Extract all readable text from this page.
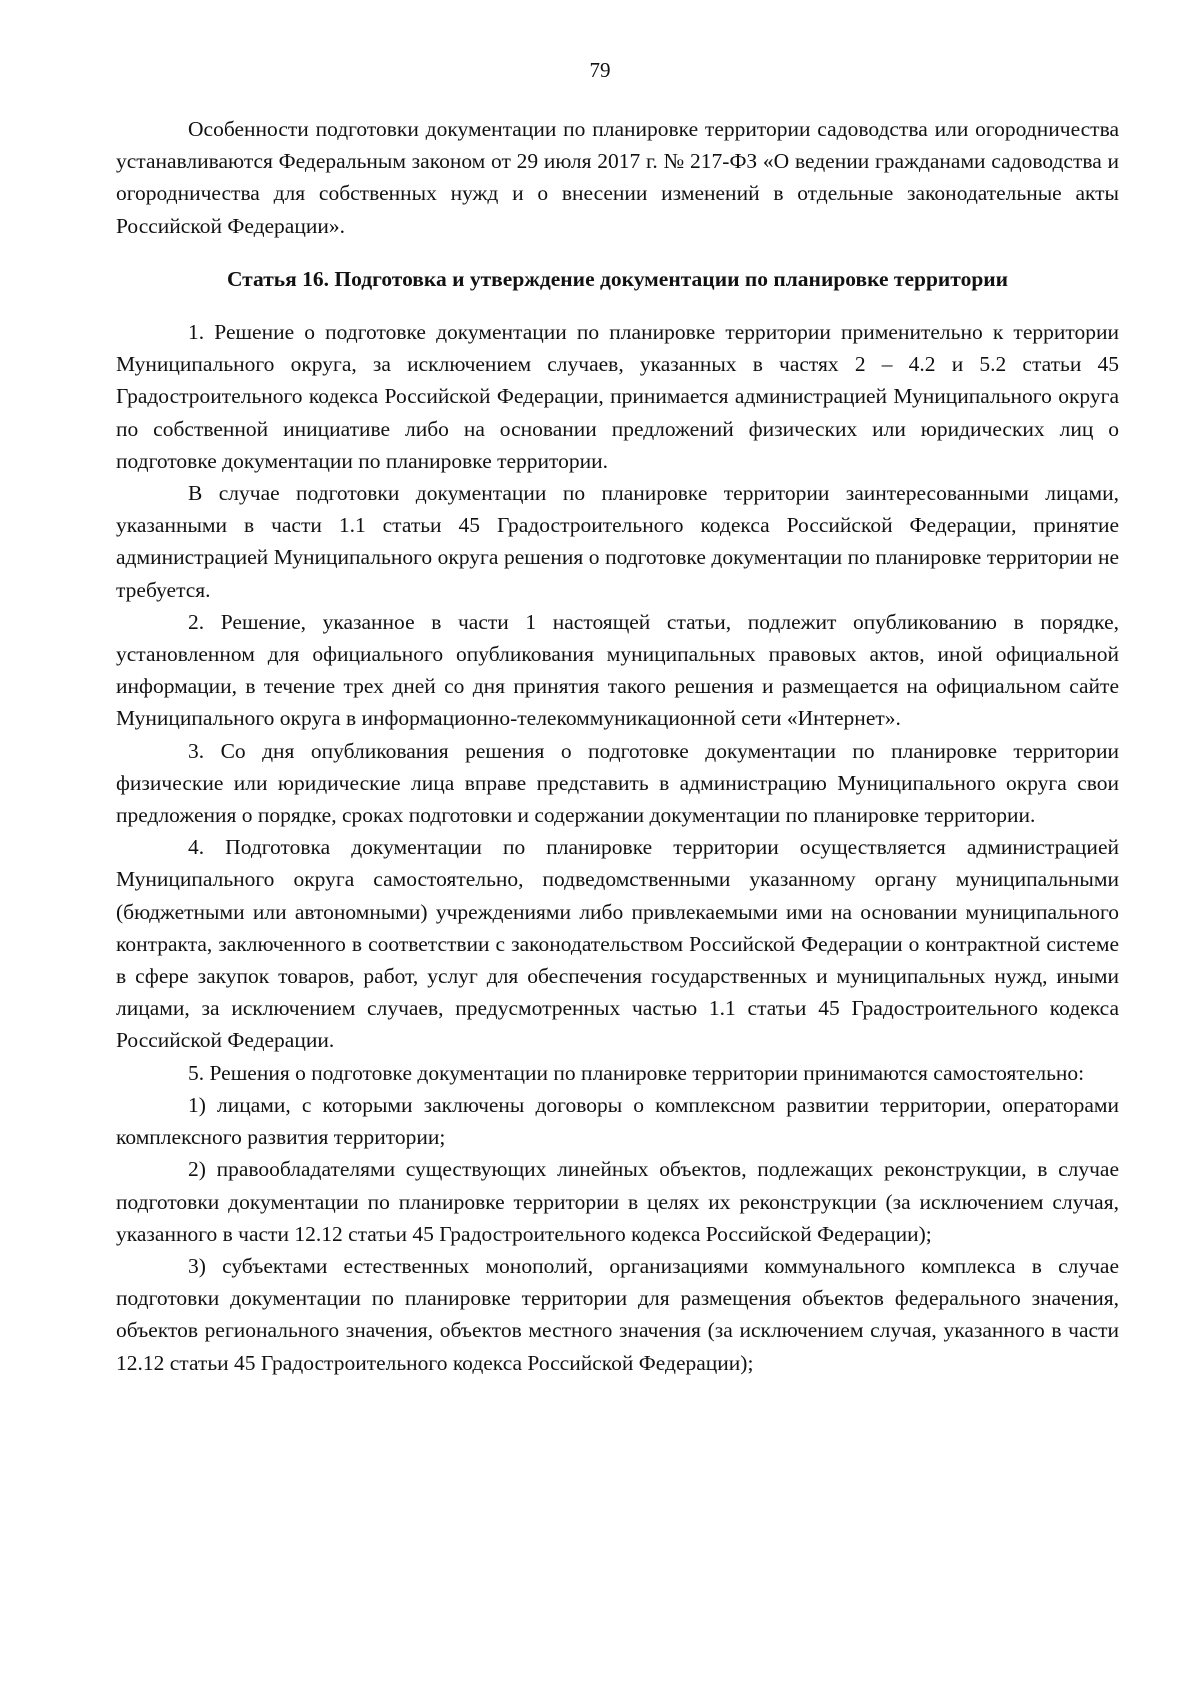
79

Особенности подготовки документации по планировке территории садоводства или огородничества устанавливаются Федеральным законом от 29 июля 2017 г. № 217-ФЗ «О ведении гражданами садоводства и огородничества для собственных нужд и о внесении изменений в отдельные законодательные акты Российской Федерации».

Статья 16. Подготовка и утверждение документации по планировке территории

1. Решение о подготовке документации по планировке территории применительно к территории Муниципального округа, за исключением случаев, указанных в частях 2 – 4.2 и 5.2 статьи 45 Градостроительного кодекса Российской Федерации, принимается администрацией Муниципального округа по собственной инициативе либо на основании предложений физических или юридических лиц о подготовке документации по планировке территории.

В случае подготовки документации по планировке территории заинтересованными лицами, указанными в части 1.1 статьи 45 Градостроительного кодекса Российской Федерации, принятие администрацией Муниципального округа решения о подготовке документации по планировке территории не требуется.

2. Решение, указанное в части 1 настоящей статьи, подлежит опубликованию в порядке, установленном для официального опубликования муниципальных правовых актов, иной официальной информации, в течение трех дней со дня принятия такого решения и размещается на официальном сайте Муниципального округа в информационно-телекоммуникационной сети «Интернет».

3. Со дня опубликования решения о подготовке документации по планировке территории физические или юридические лица вправе представить в администрацию Муниципального округа свои предложения о порядке, сроках подготовки и содержании документации по планировке территории.

4. Подготовка документации по планировке территории осуществляется администрацией Муниципального округа самостоятельно, подведомственными указанному органу муниципальными (бюджетными или автономными) учреждениями либо привлекаемыми ими на основании муниципального контракта, заключенного в соответствии с законодательством Российской Федерации о контрактной системе в сфере закупок товаров, работ, услуг для обеспечения государственных и муниципальных нужд, иными лицами, за исключением случаев, предусмотренных частью 1.1 статьи 45 Градостроительного кодекса Российской Федерации.

5. Решения о подготовке документации по планировке территории принимаются самостоятельно:

1) лицами, с которыми заключены договоры о комплексном развитии территории, операторами комплексного развития территории;

2) правообладателями существующих линейных объектов, подлежащих реконструкции, в случае подготовки документации по планировке территории в целях их реконструкции (за исключением случая, указанного в части 12.12 статьи 45 Градостроительного кодекса Российской Федерации);

3) субъектами естественных монополий, организациями коммунального комплекса в случае подготовки документации по планировке территории для размещения объектов федерального значения, объектов регионального значения, объектов местного значения (за исключением случая, указанного в части 12.12 статьи 45 Градостроительного кодекса Российской Федерации);
